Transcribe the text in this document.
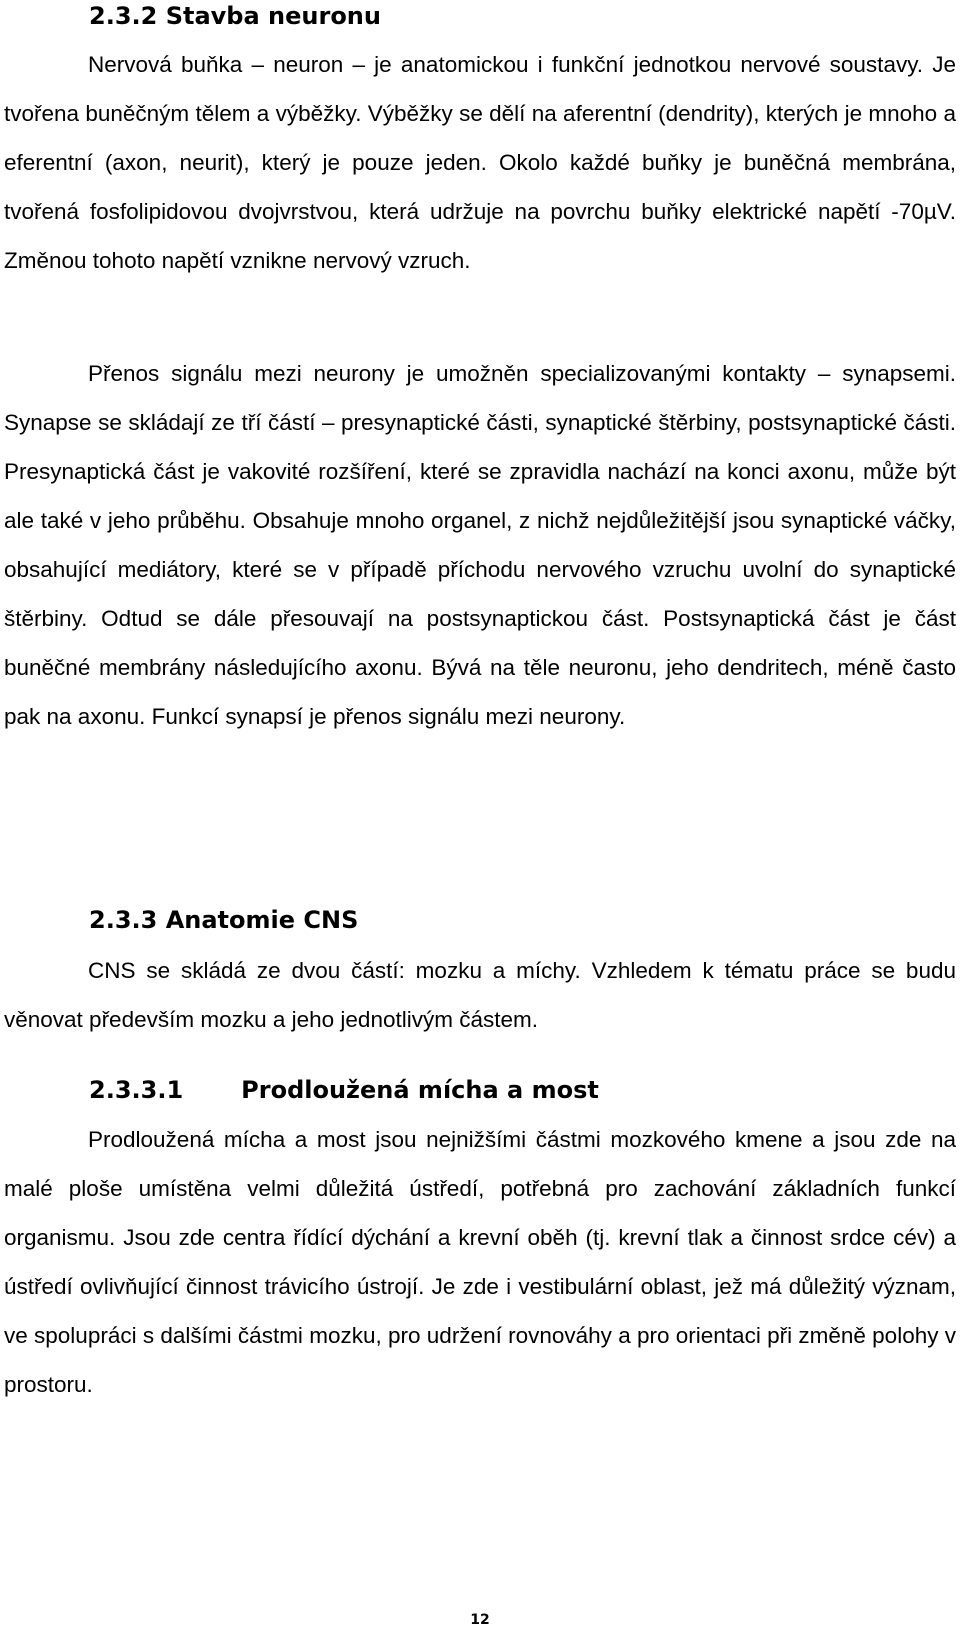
2.3.2 Stavba neuronu

Nervová buňka – neuron – je anatomickou i funkční jednotkou nervové soustavy. Je tvořena buněčným tělem a výběžky. Výběžky se dělí na aferentní (dendrity), kterých je mnoho a eferentní (axon, neurit), který je pouze jeden. Okolo každé buňky je buněčná membrána, tvořená fosfolipidovou dvojvrstvou, která udržuje na povrchu buňky elektrické napětí -70µV. Změnou tohoto napětí vznikne nervový vzruch.

Přenos signálu mezi neurony je umožněn specializovanými kontakty – synapsemi. Synapse se skládají ze tří částí – presynaptické části, synaptické štěrbiny, postsynaptické části. Presynaptická část je vakovité rozšíření, které se zpravidla nachází na konci axonu, může být ale také v jeho průběhu. Obsahuje mnoho organel, z nichž nejdůležitější jsou synaptické váčky, obsahující mediátory, které se v případě příchodu nervového vzruchu uvolní do synaptické štěrbiny. Odtud se dále přesouvají na postsynaptickou část. Postsynaptická část je část buněčné membrány následujícího axonu. Bývá na těle neuronu, jeho dendritech, méně často pak na axonu. Funkcí synapsí je přenos signálu mezi neurony.

2.3.3 Anatomie CNS

CNS se skládá ze dvou částí: mozku a míchy. Vzhledem k tématu práce se budu věnovat především mozku a jeho jednotlivým částem.

2.3.3.1 Prodloužená mícha a most

Prodloužená mícha a most jsou nejnižšími částmi mozkového kmene a jsou zde na malé ploše umístěna velmi důležitá ústředí, potřebná pro zachování základních funkcí organismu. Jsou zde centra řídící dýchání a krevní oběh (tj. krevní tlak a činnost srdce cév) a ústředí ovlivňující činnost trávicího ústrojí. Je zde i vestibulární oblast, jež má důležitý význam, ve spolupráci s dalšími částmi mozku, pro udržení rovnováhy a pro orientaci při změně polohy v prostoru.

12
